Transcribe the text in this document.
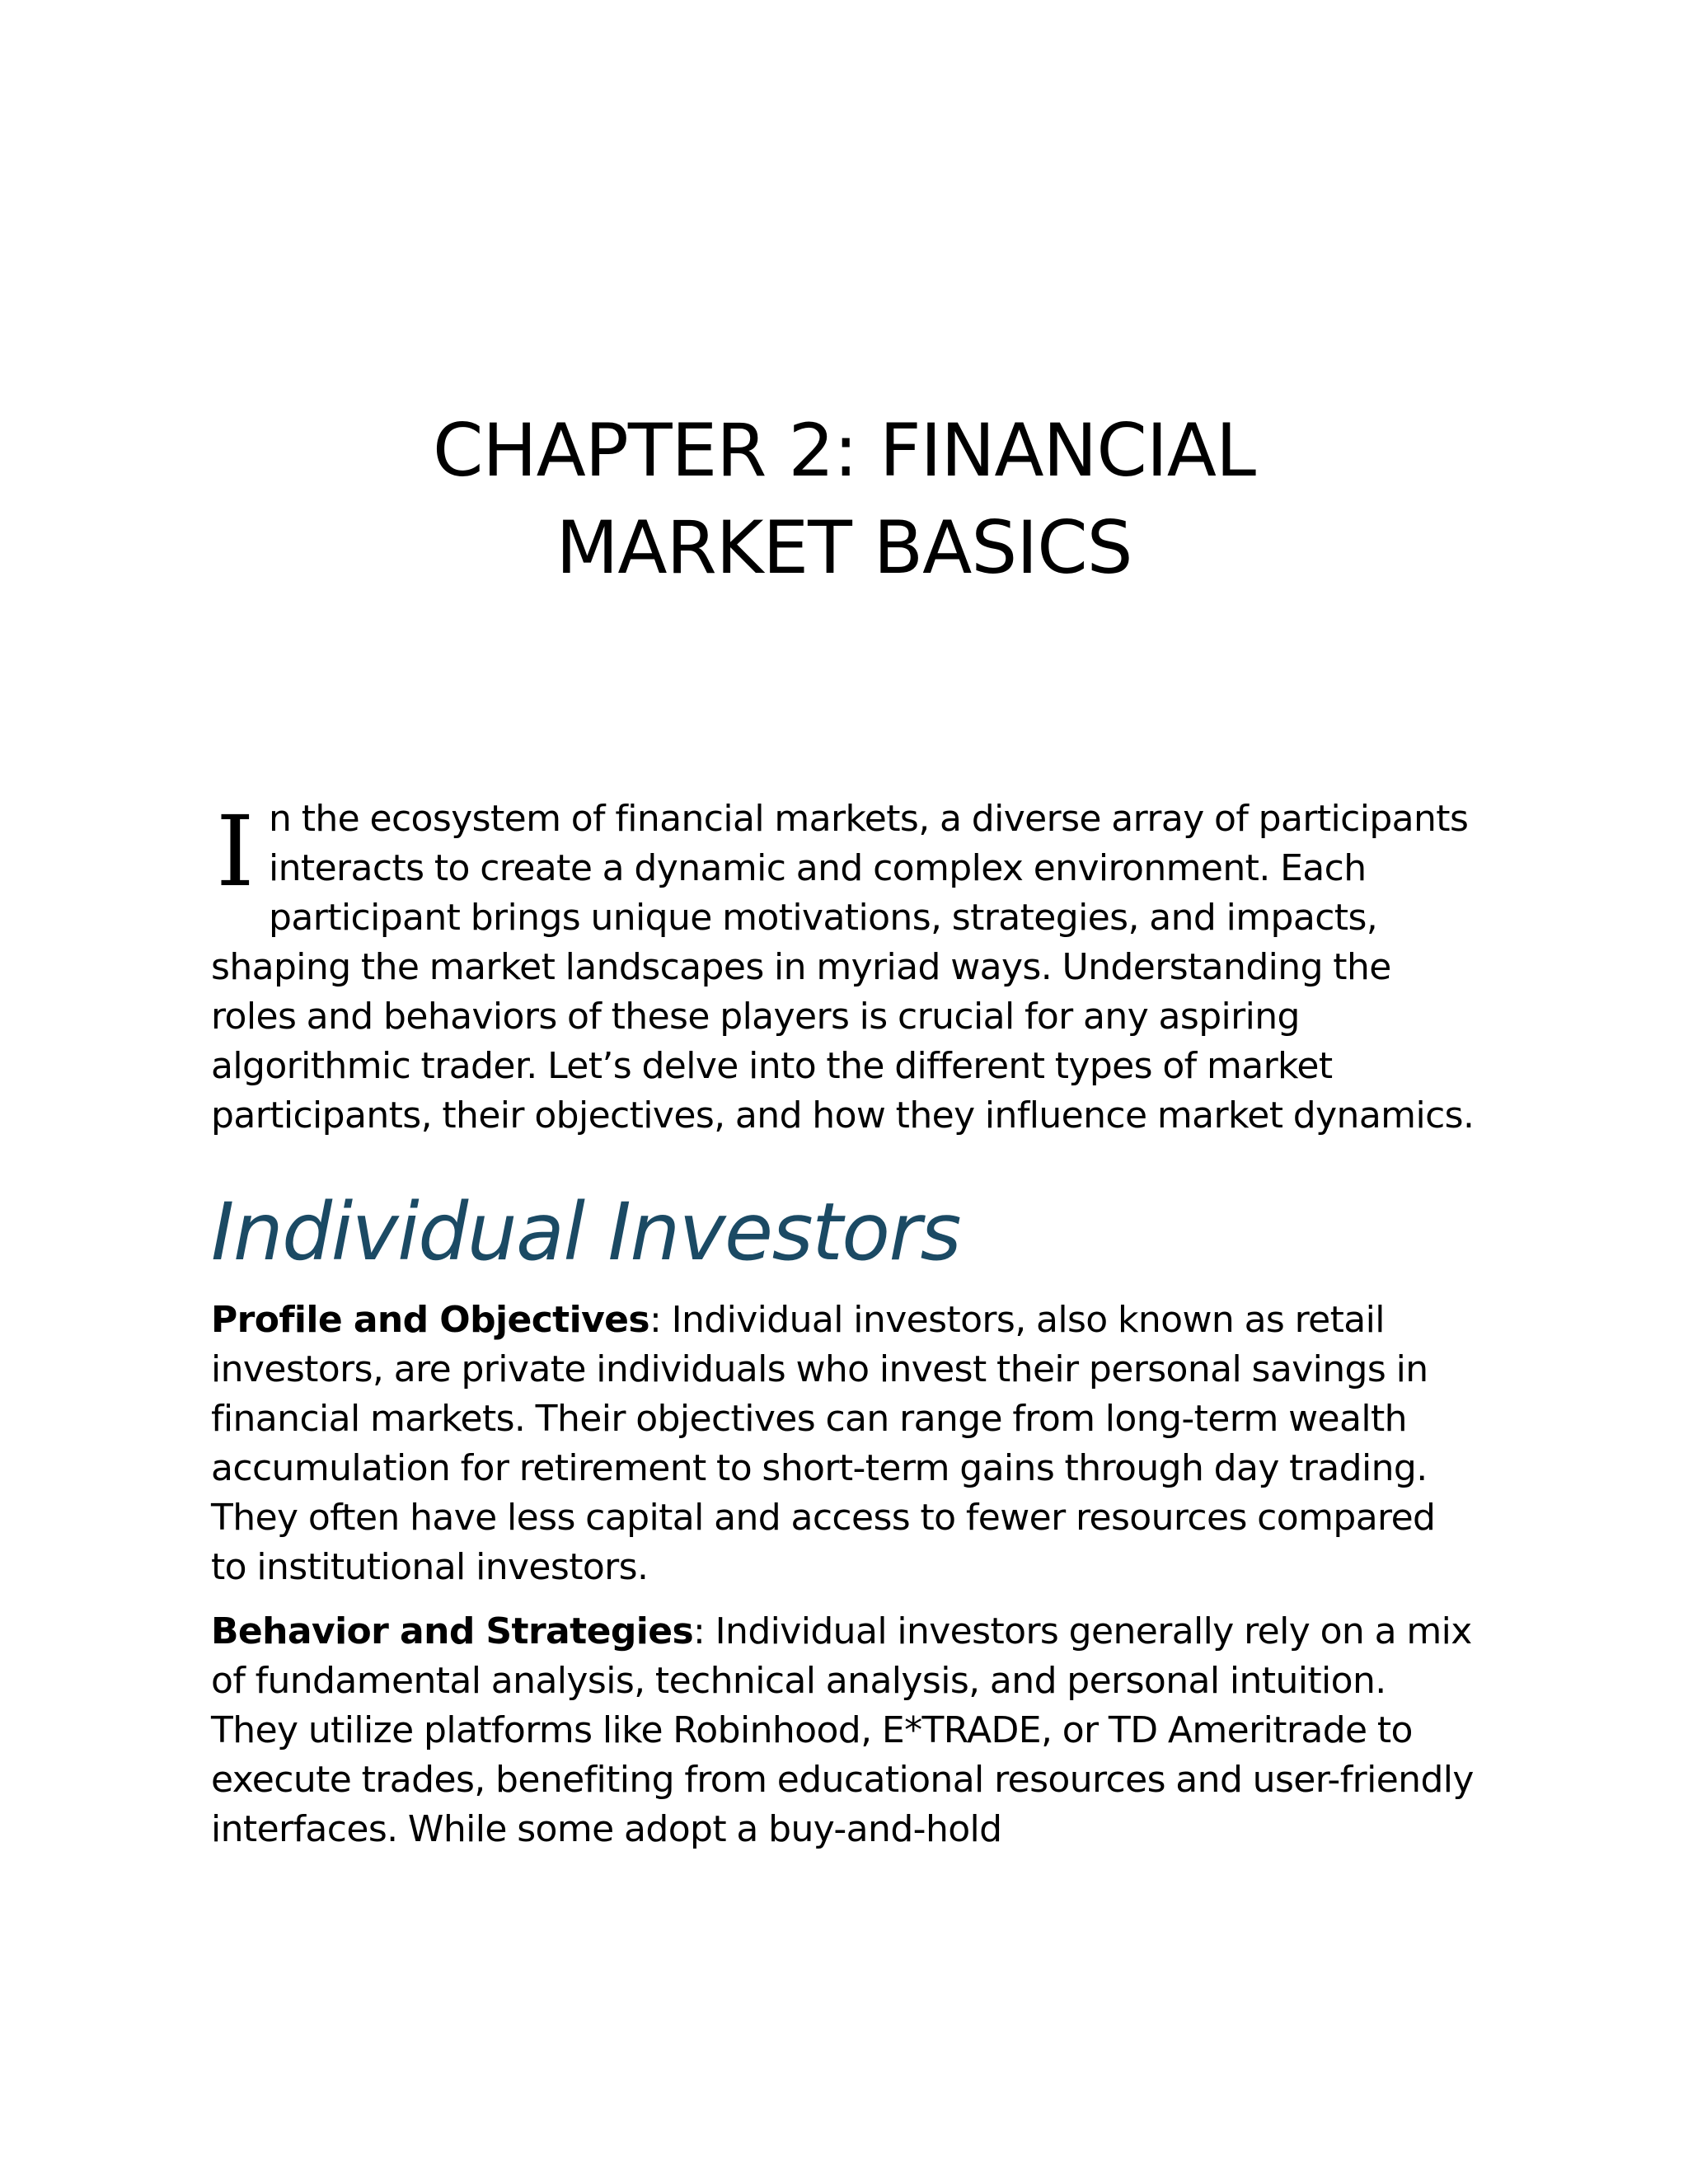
CHAPTER 2: FINANCIAL
MARKET BASICS

In the ecosystem of financial markets, a diverse array of participants interacts to create a dynamic and complex environment. Each participant brings unique motivations, strategies, and impacts, shaping the market landscapes in myriad ways. Understanding the roles and behaviors of these players is crucial for any aspiring algorithmic trader. Let’s delve into the different types of market participants, their objectives, and how they influence market dynamics.

Individual Investors

Profile and Objectives: Individual investors, also known as retail investors, are private individuals who invest their personal savings in financial markets. Their objectives can range from long-term wealth accumulation for retirement to short-term gains through day trading. They often have less capital and access to fewer resources compared to institutional investors.

Behavior and Strategies: Individual investors generally rely on a mix of fundamental analysis, technical analysis, and personal intuition. They utilize platforms like Robinhood, E*TRADE, or TD Ameritrade to execute trades, benefiting from educational resources and user-friendly interfaces. While some adopt a buy-and-hold
